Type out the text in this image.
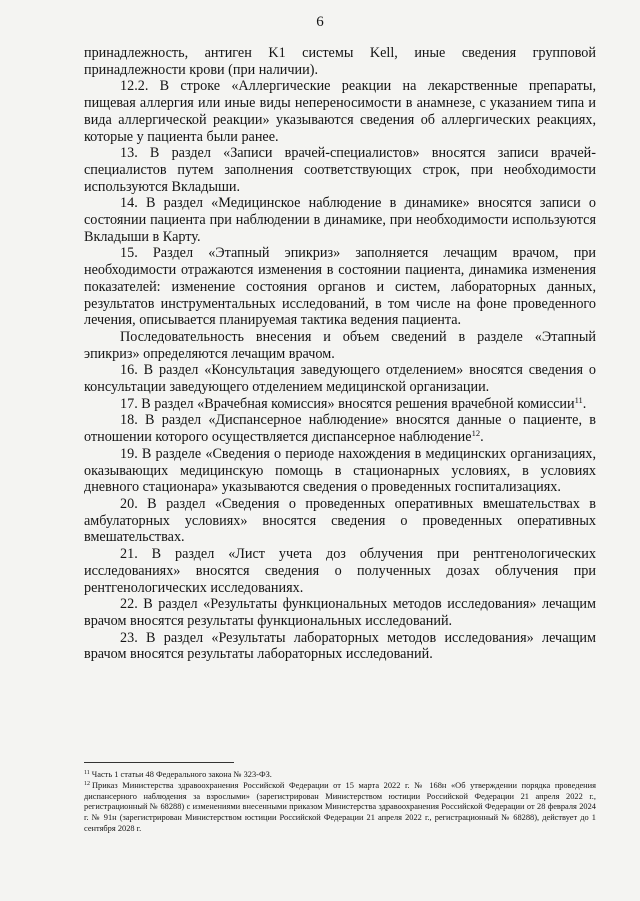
6

принадлежность, антиген K1 системы Kell, иные сведения групповой принадлежности крови (при наличии).

12.2. В строке «Аллергические реакции на лекарственные препараты, пищевая аллергия или иные виды непереносимости в анамнезе, с указанием типа и вида аллергической реакции» указываются сведения об аллергических реакциях, которые у пациента были ранее.

13. В раздел «Записи врачей-специалистов» вносятся записи врачей-специалистов путем заполнения соответствующих строк, при необходимости используются Вкладыши.

14. В раздел «Медицинское наблюдение в динамике» вносятся записи о состоянии пациента при наблюдении в динамике, при необходимости используются Вкладыши в Карту.

15. Раздел «Этапный эпикриз» заполняется лечащим врачом, при необходимости отражаются изменения в состоянии пациента, динамика изменения показателей: изменение состояния органов и систем, лабораторных данных, результатов инструментальных исследований, в том числе на фоне проведенного лечения, описывается планируемая тактика ведения пациента.

Последовательность внесения и объем сведений в разделе «Этапный эпикриз» определяются лечащим врачом.

16. В раздел «Консультация заведующего отделением» вносятся сведения о консультации заведующего отделением медицинской организации.

17. В раздел «Врачебная комиссия» вносятся решения врачебной комиссии$^{11}$.

18. В раздел «Диспансерное наблюдение» вносятся данные о пациенте, в отношении которого осуществляется диспансерное наблюдение$^{12}$.

19. В разделе «Сведения о периоде нахождения в медицинских организациях, оказывающих медицинскую помощь в стационарных условиях, в условиях дневного стационара» указываются сведения о проведенных госпитализациях.

20. В раздел «Сведения о проведенных оперативных вмешательствах в амбулаторных условиях» вносятся сведения о проведенных оперативных вмешательствах.

21. В раздел «Лист учета доз облучения при рентгенологических исследованиях» вносятся сведения о полученных дозах облучения при рентгенологических исследованиях.

22. В раздел «Результаты функциональных методов исследования» лечащим врачом вносятся результаты функциональных исследований.

23. В раздел «Результаты лабораторных методов исследования» лечащим врачом вносятся результаты лабораторных исследований.

$^{11}$ Часть 1 статьи 48 Федерального закона № 323-ФЗ.

$^{12}$ Приказ Министерства здравоохранения Российской Федерации от 15 марта 2022 г. № 168н «Об утверждении порядка проведения диспансерного наблюдения за взрослыми» (зарегистрирован Министерством юстиции Российской Федерации 21 апреля 2022 г., регистрационный № 68288) с изменениями внесенными приказом Министерства здравоохранения Российской Федерации от 28 февраля 2024 г. № 91н (зарегистрирован Министерством юстиции Российской Федерации 21 апреля 2022 г., регистрационный № 68288), действует до 1 сентября 2028 г.
